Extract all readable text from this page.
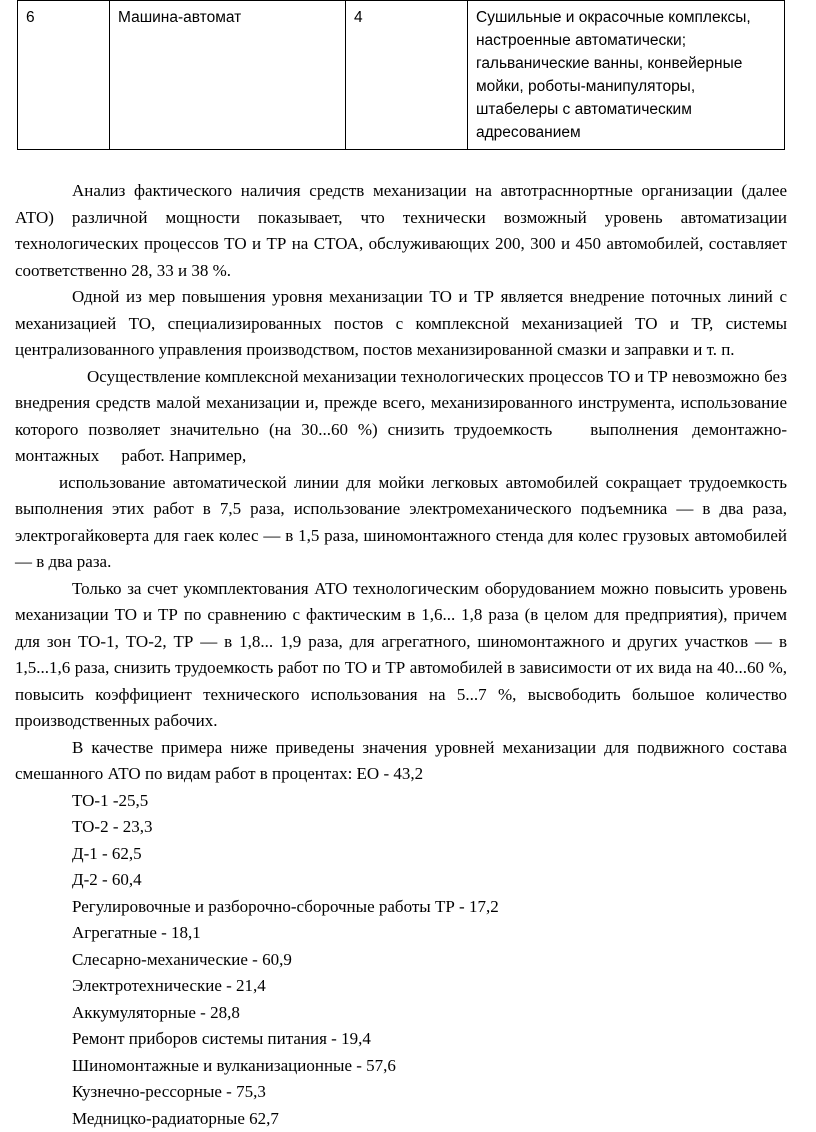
6	Машина-автомат	4	Сушильные и окрасочные комплексы, настроенные автоматически; гальванические ванны, конвейерные мойки, роботы-манипуляторы, штабелеры с автоматическим адресованием

Анализ фактического наличия средств механизации на автотрасннортные организации (далее АТО) различной мощности показывает, что технически возможный уровень автоматизации технологических процессов ТО и ТР на СТОА, обслуживающих 200, 300 и 450 автомобилей, составляет соответственно 28, 33 и 38 %.

Одной из мер повышения уровня механизации ТО и ТР является внедрение поточных линий с механизацией ТО, специализированных постов с комплексной механизацией ТО и ТР, системы централизованного управления производством, постов механизированной смазки и заправки и т. п.

Осуществление комплексной механизации технологических процессов ТО и ТР невозможно без внедрения средств малой механизации и, прежде всего, механизированного инструмента, использование которого позволяет значительно (на 30...60 %) снизить трудоемкость выполнения демонтажно-монтажных работ. Например,

использование автоматической линии для мойки легковых автомобилей сокращает трудоемкость выполнения этих работ в 7,5 раза, использование электромеханического подъемника — в два раза, электрогайковерта для гаек колес — в 1,5 раза, шиномонтажного стенда для колес грузовых автомобилей — в два раза.

Только за счет укомплектования АТО технологическим оборудованием можно повысить уровень механизации ТО и ТР по сравнению с фактическим в 1,6... 1,8 раза (в целом для предприятия), причем для зон ТО-1, ТО-2, ТР — в 1,8... 1,9 раза, для агрегатного, шиномонтажного и других участков — в 1,5...1,6 раза, снизить трудоемкость работ по ТО и ТР автомобилей в зависимости от их вида на 40...60 %, повысить коэффициент технического использования на 5...7 %, высвободить большое количество производственных рабочих.

В качестве примера ниже приведены значения уровней механизации для подвижного состава смешанного АТО по видам работ в процентах: ЕО - 43,2

ТО-1 -25,5
ТО-2 - 23,3
Д-1 - 62,5
Д-2 - 60,4
Регулировочные и разборочно-сборочные работы ТР - 17,2
Агрегатные - 18,1
Слесарно-механические - 60,9
Электротехнические - 21,4
Аккумуляторные - 28,8
Ремонт приборов системы питания - 19,4
Шиномонтажные и вулканизационные - 57,6
Кузнечно-рессорные - 75,3
Медницко-радиаторные 62,7
